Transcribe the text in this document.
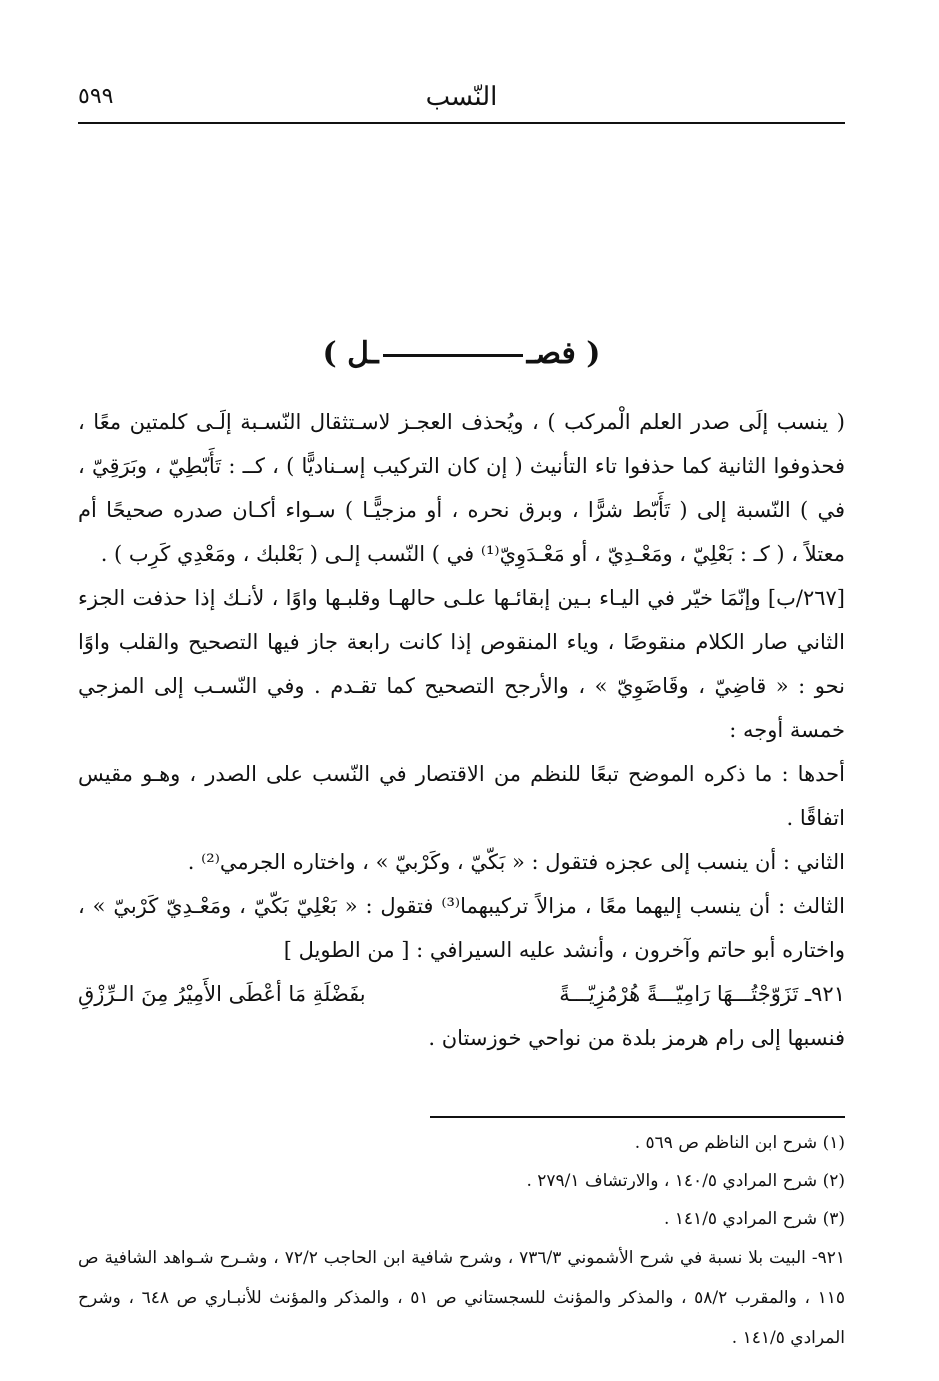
النّسب
٥٩٩
( فصــل )

( ينسب إلَى صدر العلم الْمركب ) ، ويُحذف العجـز لاسـتثقال النّسـبة إلَـى كلمتين معًا ، فحذوفوا الثانية كما حذفوا تاء التأنيث ( إن كان التركيب إسـناديًّا ) ، كــ : تَأَبّطِيّ ، وبَرَقِيّ ، في ) النّسبة إلى ( تَأَبّط شرًّا ، وبرق نحره ، أو مزجيًّـا ) سـواء أكـان صدره صحيحًا أم معتلاً ، ( كـ : بَعْلِيّ ، ومَعْـدِيّ ، أو مَعْـدَوِيّ⁽¹⁾ في ) النّسب إلـى ( بَعْلبك ، ومَعْدِي كَرِب ) .

[٢٦٧/ب] وإنّمَا خيّر في اليـاء بـين إبقائـها علـى حالهـا وقلبـها واوًا ، لأنـك إذا حذفت الجزء الثاني صار الكلام منقوصًا ، وياء المنقوص إذا كانت رابعة جاز فيها التصحيح والقلب واوًا نحو : « قاضِيّ ، وقَاضَوِيّ » ، والأرجح التصحيح كما تقـدم . وفي النّسـب إلى المزجي خمسة أوجه :

أحدها : ما ذكره الموضح تبعًا للنظم من الاقتصار في النّسب على الصدر ، وهـو مقيس اتفاقًا .

الثاني : أن ينسب إلى عجزه فتقول : « بَكّيّ ، وكَرْبيّ » ، واختاره الجرمي⁽²⁾ .

الثالث : أن ينسب إليهما معًا ، مزالاً تركيبهما⁽³⁾ فتقول : « بَعْلِيّ بَكّيّ ، ومَعْـدِيّ كَرْبيّ » ، واختاره أبو حاتم وآخرون ، وأنشد عليه السيرافي : [ من الطويل ]

٩٢١ـ تَزَوّجْتُـــهَا رَامِيّـــةً هُرْمُزِيّـــةً
بفَضْلَةِ مَا أعْطَى الأَمِيْرُ مِنَ الـرِّزْقِ

فنسبها إلى رام هرمز بلدة من نواحي خوزستان .

(١) شرح ابن الناظم ص ٥٦٩ .

(٢) شرح المرادي ١٤٠/٥ ، والارتشاف ٢٧٩/١ .

(٣) شرح المرادي ١٤١/٥ .

٩٢١- البيت بلا نسبة في شرح الأشموني ٧٣٦/٣ ، وشرح شافية ابن الحاجب ٧٢/٢ ، وشـرح شـواهد الشافية ص ١١٥ ، والمقرب ٥٨/٢ ، والمذكر والمؤنث للسجستاني ص ٥١ ، والمذكر والمؤنث للأنبـاري ص ٦٤٨ ، وشرح المرادي ١٤١/٥ .
